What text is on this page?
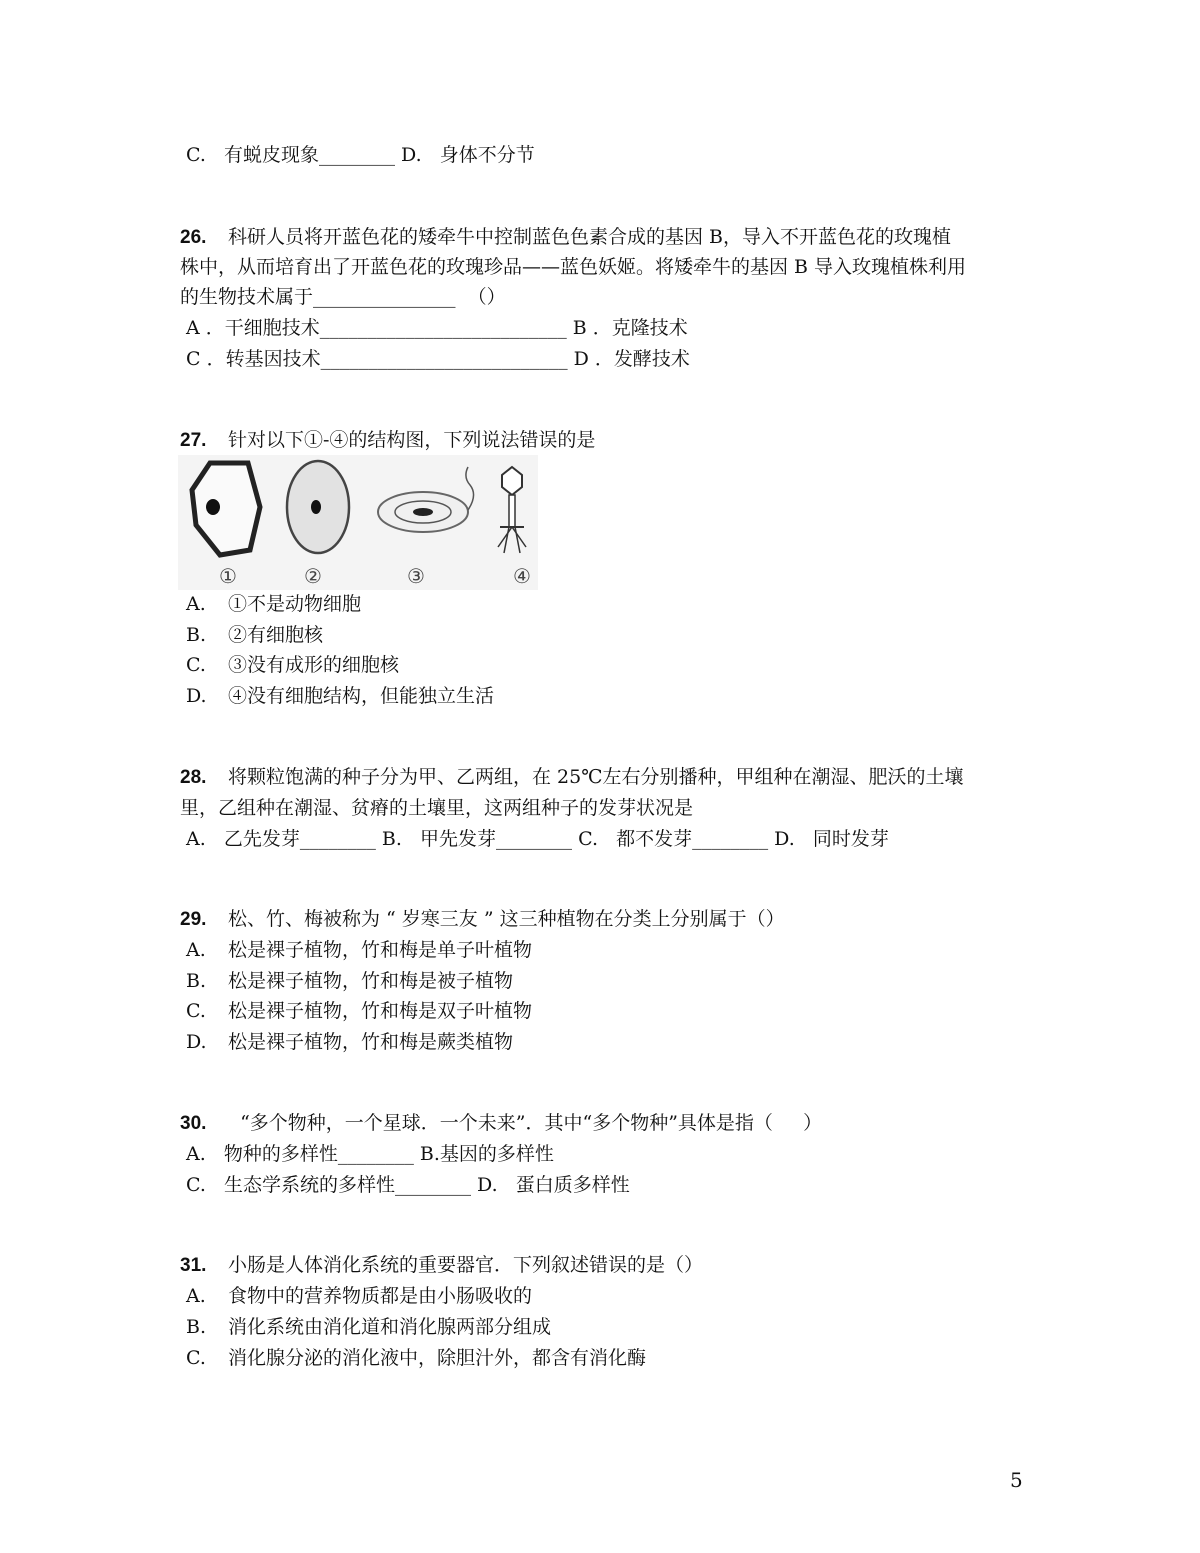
C.   有蜕皮现象________ D.   身体不分节
26. 科研人员将开蓝色花的矮牵牛中控制蓝色色素合成的基因 B，导入不开蓝色花的玫瑰植
株中，从而培育出了开蓝色花的玫瑰珍品——蓝色妖姬。将矮牵牛的基因 B 导入玫瑰植株利用
的生物技术属于_______________  （）
A ．干细胞技术__________________________ B ．克隆技术
C ．转基因技术__________________________ D ．发酵技术
27. 针对以下①-④的结构图，下列说法错误的是
①	②	③	④
A. ①不是动物细胞
B. ②有细胞核
C. ③没有成形的细胞核
D. ④没有细胞结构，但能独立生活
28. 将颗粒饱满的种子分为甲、乙两组，在 25℃左右分别播种，甲组种在潮湿、肥沃的土壤
里，乙组种在潮湿、贫瘠的土壤里，这两组种子的发芽状况是
A.   乙先发芽________ B.   甲先发芽________ C.   都不发芽________ D.   同时发芽
29. 松、竹、梅被称为 “ 岁寒三友 ” 这三种植物在分类上分别属于（）
A. 松是裸子植物，竹和梅是单子叶植物
B. 松是裸子植物，竹和梅是被子植物
C. 松是裸子植物，竹和梅是双子叶植物
D. 松是裸子植物，竹和梅是蕨类植物
30.  “多个物种，一个星球．一个未来”．其中“多个物种”具体是指（     ）
A.   物种的多样性________ B.基因的多样性
C.   生态学系统的多样性________ D.   蛋白质多样性
31. 小肠是人体消化系统的重要器官．下列叙述错误的是（）
A. 食物中的营养物质都是由小肠吸收的
B. 消化系统由消化道和消化腺两部分组成
C. 消化腺分泌的消化液中，除胆汁外，都含有消化酶
5
